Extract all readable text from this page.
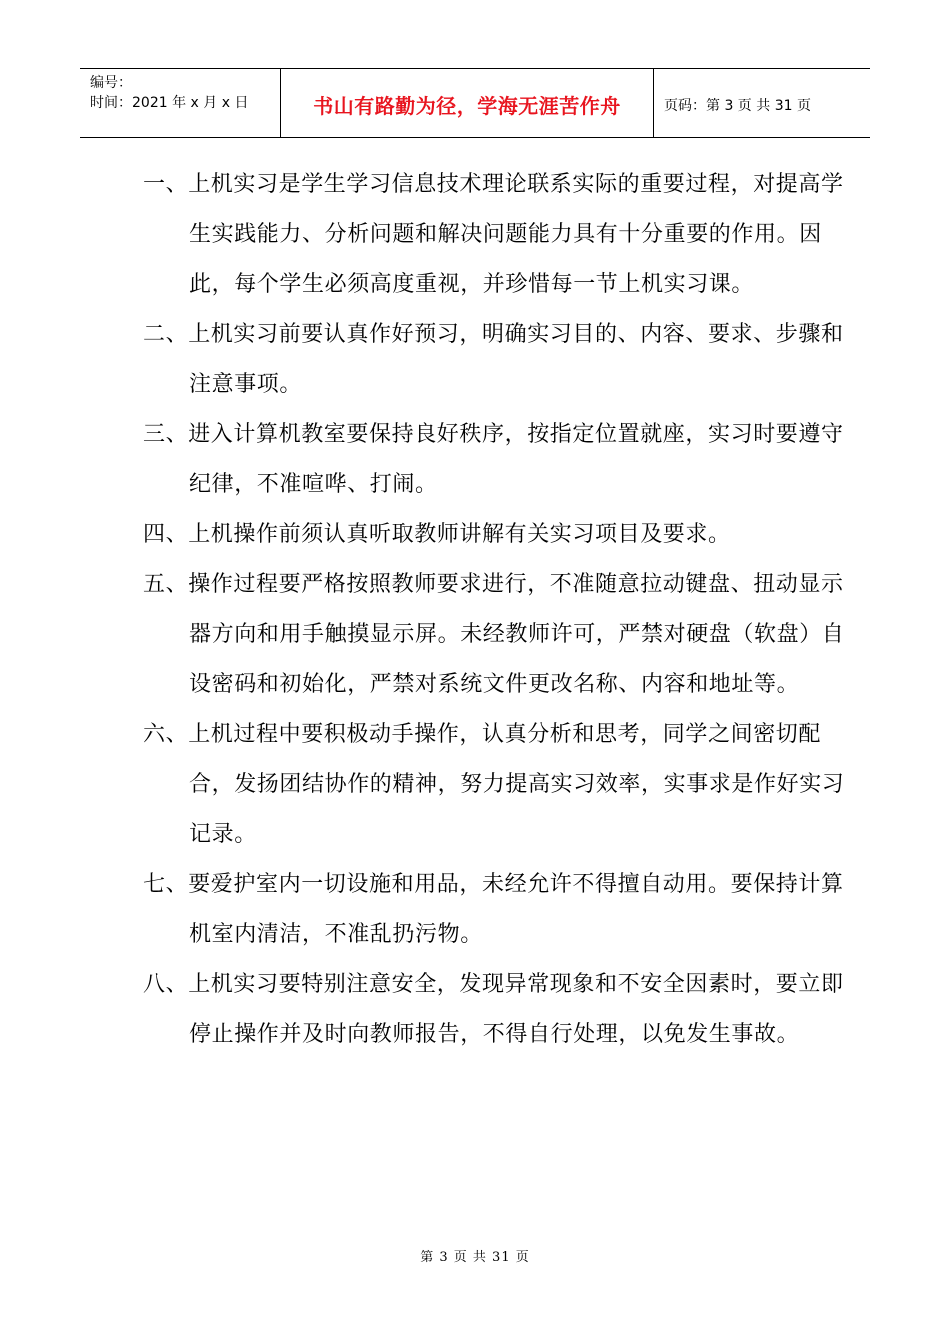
编号：
时间：2021 年 x 月 x 日	书山有路勤为径，学海无涯苦作舟	页码：第 3 页 共 31 页

一、上机实习是学生学习信息技术理论联系实际的重要过程，对提高学生实践能力、分析问题和解决问题能力具有十分重要的作用。因此，每个学生必须高度重视，并珍惜每一节上机实习课。

二、上机实习前要认真作好预习，明确实习目的、内容、要求、步骤和注意事项。

三、进入计算机教室要保持良好秩序，按指定位置就座，实习时要遵守纪律，不准喧哗、打闹。

四、上机操作前须认真听取教师讲解有关实习项目及要求。

五、操作过程要严格按照教师要求进行，不准随意拉动键盘、扭动显示器方向和用手触摸显示屏。未经教师许可，严禁对硬盘（软盘）自设密码和初始化，严禁对系统文件更改名称、内容和地址等。

六、上机过程中要积极动手操作，认真分析和思考，同学之间密切配合，发扬团结协作的精神，努力提高实习效率，实事求是作好实习记录。

七、要爱护室内一切设施和用品，未经允许不得擅自动用。要保持计算机室内清洁，不准乱扔污物。

八、上机实习要特别注意安全，发现异常现象和不安全因素时，要立即停止操作并及时向教师报告，不得自行处理，以免发生事故。

第 3 页 共 31 页
